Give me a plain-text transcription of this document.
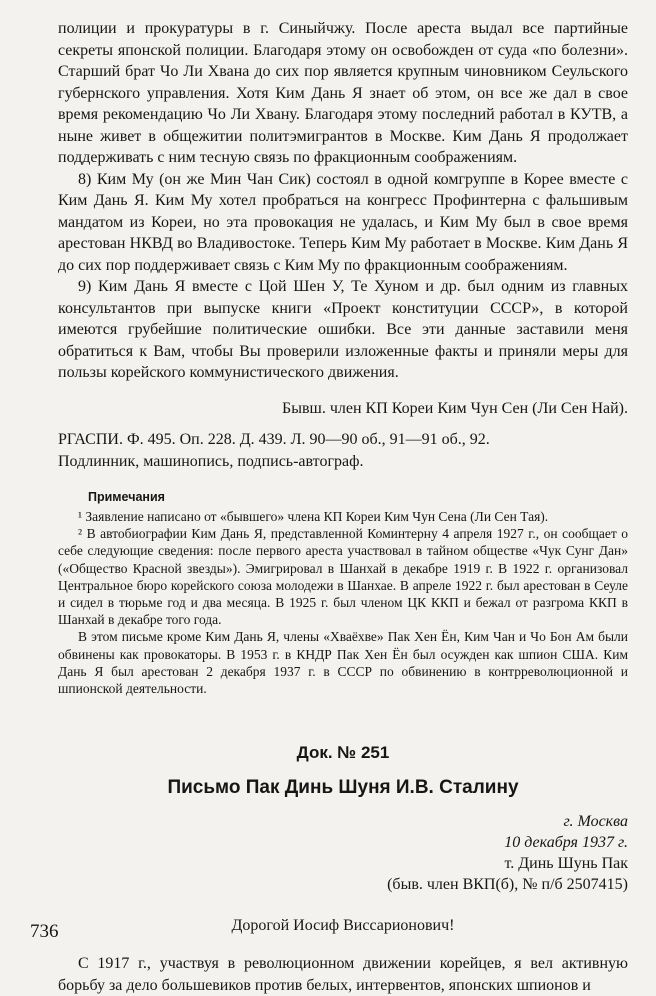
полиции и прокуратуры в г. Синыйчжу. После ареста выдал все партийные секреты японской полиции. Благодаря этому он освобожден от суда «по болезни». Старший брат Чо Ли Хвана до сих пор является крупным чиновником Сеульского губернского управления. Хотя Ким Дань Я знает об этом, он все же дал в свое время рекомендацию Чо Ли Хвану. Благодаря этому последний работал в КУТВ, а ныне живет в общежитии политэмигрантов в Москве. Ким Дань Я продолжает поддерживать с ним тесную связь по фракционным соображениям.

8) Ким Му (он же Мин Чан Сик) состоял в одной комгруппе в Корее вместе с Ким Дань Я. Ким Му хотел пробраться на конгресс Профинтерна с фальшивым мандатом из Кореи, но эта провокация не удалась, и Ким Му был в свое время арестован НКВД во Владивостоке. Теперь Ким Му работает в Москве. Ким Дань Я до сих пор поддерживает связь с Ким Му по фракционным соображениям.

9) Ким Дань Я вместе с Цой Шен У, Те Хуном и др. был одним из главных консультантов при выпуске книги «Проект конституции СССР», в которой имеются грубейшие политические ошибки. Все эти данные заставили меня обратиться к Вам, чтобы Вы проверили изложенные факты и приняли меры для пользы корейского коммунистического движения.

Бывш. член КП Кореи Ким Чун Сен (Ли Сен Най).

РГАСПИ. Ф. 495. Оп. 228. Д. 439. Л. 90—90 об., 91—91 об., 92.

Подлинник, машинопись, подпись-автограф.

Примечания

¹ Заявление написано от «бывшего» члена КП Кореи Ким Чун Сена (Ли Сен Тая).

² В автобиографии Ким Дань Я, представленной Коминтерну 4 апреля 1927 г., он сообщает о себе следующие сведения: после первого ареста участвовал в тайном обществе «Чук Сунг Дан» («Общество Красной звезды»). Эмигрировал в Шанхай в декабре 1919 г. В 1922 г. организовал Центральное бюро корейского союза молодежи в Шанхае. В апреле 1922 г. был арестован в Сеуле и сидел в тюрьме год и два месяца. В 1925 г. был членом ЦК ККП и бежал от разгрома ККП в Шанхай в декабре того года.

В этом письме кроме Ким Дань Я, члены «Хваёхве» Пак Хен Ён, Ким Чан и Чо Бон Ам были обвинены как провокаторы. В 1953 г. в КНДР Пак Хен Ён был осужден как шпион США. Ким Дань Я был арестован 2 декабря 1937 г. в СССР по обвинению в контрреволюционной и шпионской деятельности.

Док. № 251

Письмо Пак Динь Шуня И.В. Сталину

г. Москва

10 декабря 1937 г.

т. Динь Шунь Пак

(быв. член ВКП(б), № п/б 2507415)

Дорогой Иосиф Виссарионович!

С 1917 г., участвуя в революционном движении корейцев, я вел активную борьбу за дело большевиков против белых, интервентов, японских шпионов и

736
